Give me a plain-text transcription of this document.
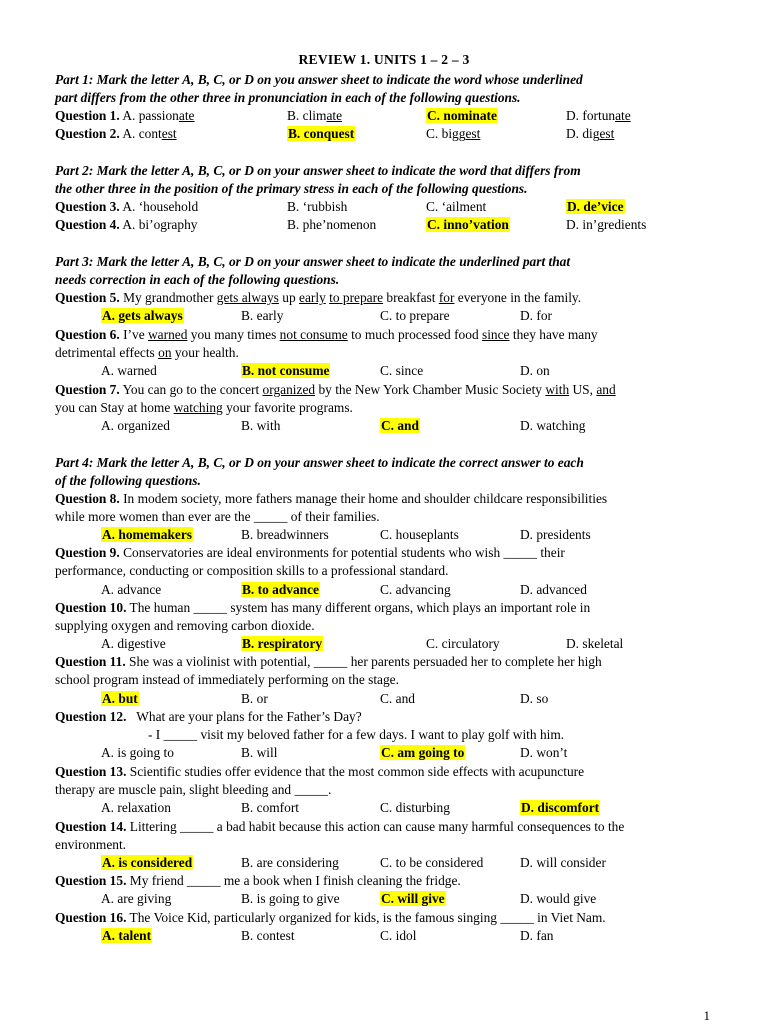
REVIEW 1. UNITS 1 – 2 – 3
Part 1: Mark the letter A, B, C, or D on you answer sheet to indicate the word whose underlined
part differs from the other three in pronunciation in each of the following questions.
Question 1. A. passionate	B. climate	C. nominate	D. fortunate
Question 2. A. contest	B. conquest	C. biggest	D. digest
Part 2: Mark the letter A, B, C, or D on your answer sheet to indicate the word that differs from
the other three in the position of the primary stress in each of the following questions.
Question 3. A. ‘household	B. ‘rubbish	C. ‘ailment	D. de’vice
Question 4. A. bi’ography	B. phe’nomenon	C. inno’vation	D. in’gredients
Part 3: Mark the letter A, B, C, or D on your answer sheet to indicate the underlined part that
needs correction in each of the following questions.
Question 5. My grandmother gets always up early to prepare breakfast for everyone in the family.
A. gets always	B. early	C. to prepare	D. for
Question 6. I’ve warned you many times not consume to much processed food since they have many
detrimental effects on your health.
A. warned	B. not consume	C. since	D. on
Question 7. You can go to the concert organized by the New York Chamber Music Society with US, and
you can Stay at home watching your favorite programs.
A. organized	B. with	C. and	D. watching
Part 4: Mark the letter A, B, C, or D on your answer sheet to indicate the correct answer to each
of the following questions.
Question 8. In modem society, more fathers manage their home and shoulder childcare responsibilities
while more women than ever are the _____ of their families.
A. homemakers	B. breadwinners	C. houseplants	D. presidents
Question 9. Conservatories are ideal environments for potential students who wish _____ their
performance, conducting or composition skills to a professional standard.
A. advance	B. to advance	C. advancing	D. advanced
Question 10. The human _____ system has many different organs, which plays an important role in
supplying oxygen and removing carbon dioxide.
A. digestive	B. respiratory	C. circulatory	D. skeletal
Question 11. She was a violinist with potential, _____ her parents persuaded her to complete her high
school program instead of immediately performing on the stage.
A. but	B. or	C. and	D. so
Question 12.   What are your plans for the Father’s Day?
- I _____ visit my beloved father for a few days. I want to play golf with him.
A. is going to	B. will	C. am going to	D. won’t
Question 13. Scientific studies offer evidence that the most common side effects with acupuncture
therapy are muscle pain, slight bleeding and _____.
A. relaxation	B. comfort	C. disturbing	D. discomfort
Question 14. Littering _____ a bad habit because this action can cause many harmful consequences to the
environment.
A. is considered	B. are considering	C. to be considered	D. will consider
Question 15. My friend _____ me a book when I finish cleaning the fridge.
A. are giving	B. is going to give	C. will give	D. would give
Question 16. The Voice Kid, particularly organized for kids, is the famous singing _____ in Viet Nam.
A. talent	B. contest	C. idol	D. fan
1
